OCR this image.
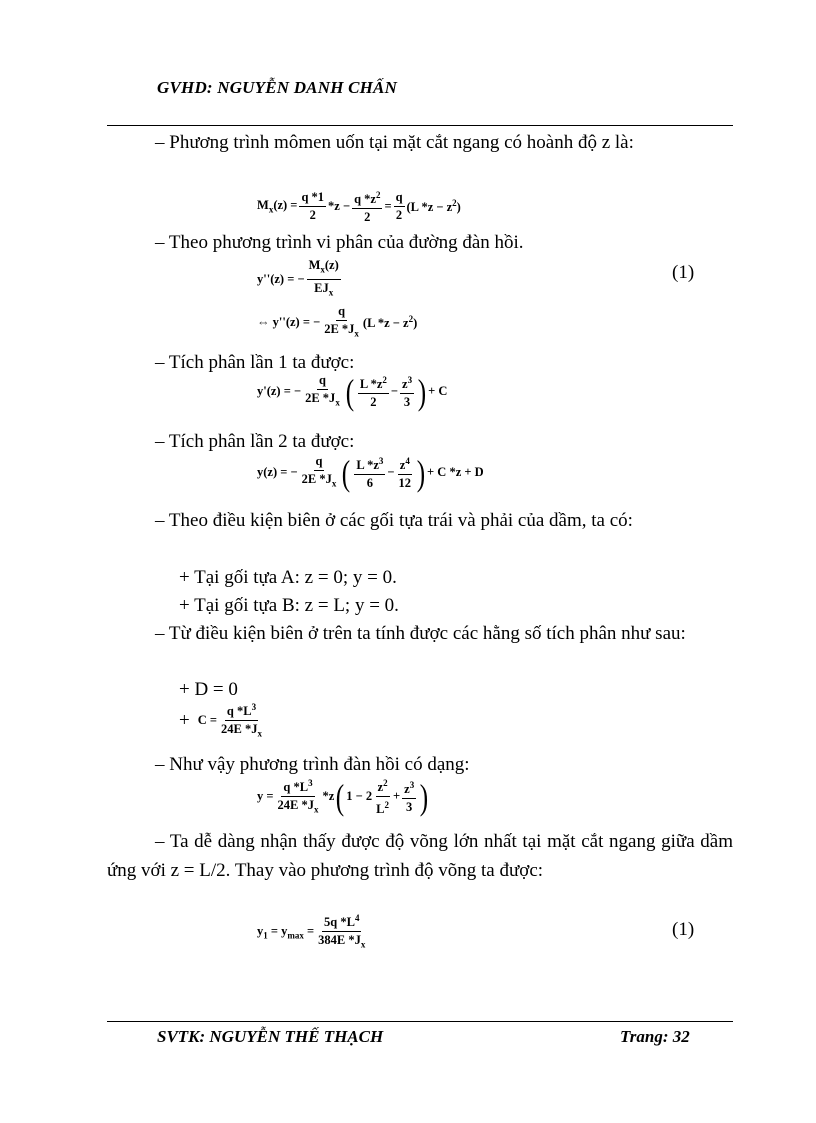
GVHD: NGUYỄN DANH CHẤN

– Phương trình mômen uốn tại mặt cắt ngang có hoành độ z là:

$M_x(z) = \frac{q *1}{2} *z - \frac{q *z^2}{2} = \frac{q}{2} (L$ $*z - z^2$)
– Theo phương trình vi phân của đường đàn hồi.
y''(z) = − $\frac{M_x(z)}{EJ_x}$	(1)
⇔ y''(z) = − $\frac{q}{2E *J_x} (L$ $*z - z^2$)
– Tích phân lần 1 ta được:
y'(z) = − $\frac{q}{2E *J_x}$ ( $\frac{L *z^2}{2} - \frac{z^3}{3}$ ) + C
– Tích phân lần 2 ta được:
y(z) = − $\frac{q}{2E *J_x}$ ( $\frac{L *z^3}{6} - \frac{z^4}{12}$ ) + C *z + D

– Theo điều kiện biên ở các gối tựa trái và phải của dầm, ta có:

+ Tại gối tựa A: z = 0; y = 0.
+ Tại gối tựa B: z = L; y = 0.

– Từ điều kiện biên ở trên ta tính được các hằng số tích phân như sau:

+ D = 0
+ $C = \frac{q *L^3}{24E *J_x}$
– Như vậy phương trình đàn hồi có dạng:
$y = \frac{q *L^3}{24E *J_x} *z$ ( $1 - 2 \frac{z^2}{L^2} + \frac{z^3}{3}$ )

– Ta dễ dàng nhận thấy được độ võng lớn nhất tại mặt cắt ngang giữa dầm ứng với z = L/2. Thay vào phương trình độ võng ta được:

$y_1 = y_{max} = \frac{5q *L^4}{384E *J_x}$	(1)
SVTK: NGUYỄN THẾ THẠCH	Trang: 32
